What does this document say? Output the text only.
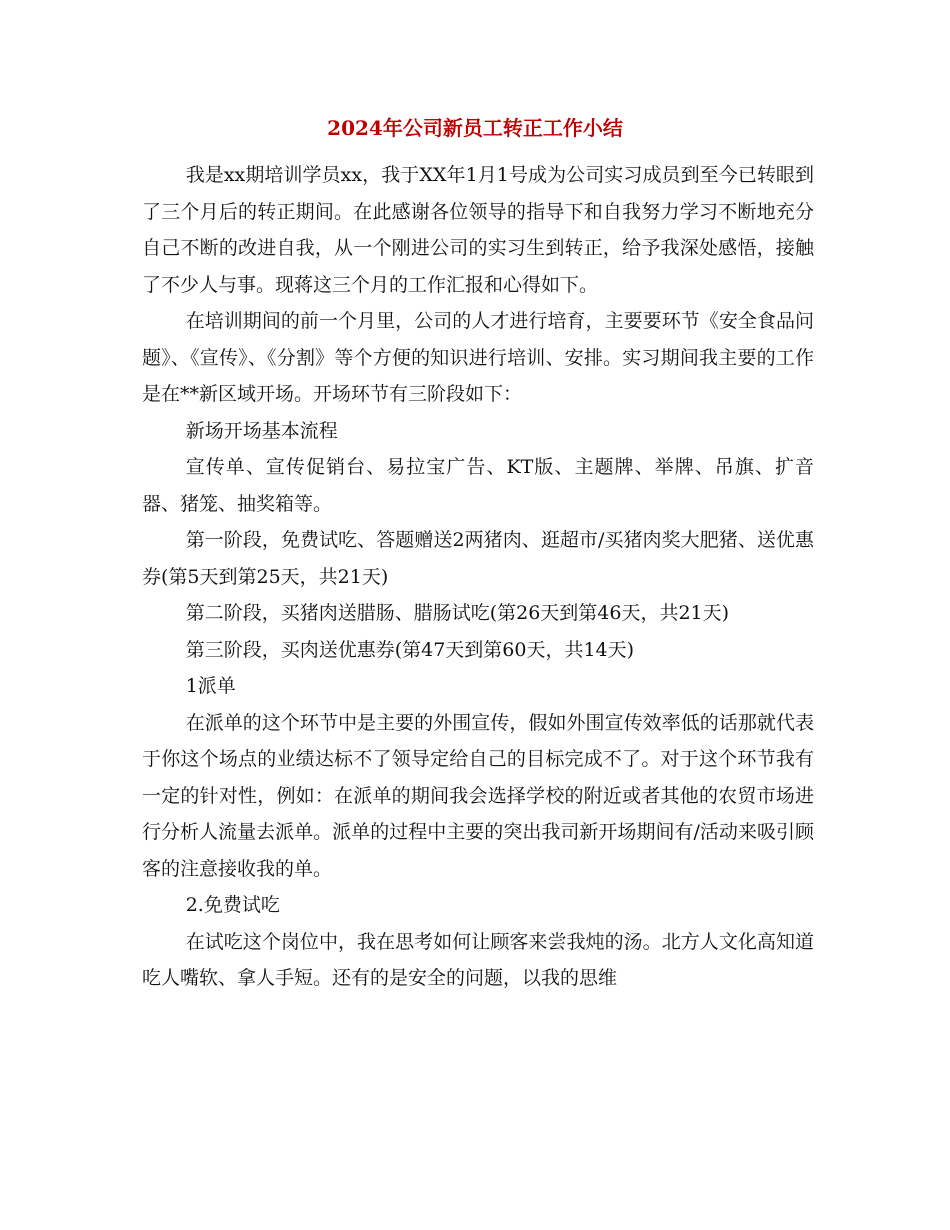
2024年公司新员工转正工作小结

我是xx期培训学员xx，我于XX年1月1号成为公司实习成员到至今已转眼到了三个月后的转正期间。在此感谢各位领导的指导下和自我努力学习不断地充分自己不断的改进自我，从一个刚进公司的实习生到转正，给予我深处感悟，接触了不少人与事。现蒋这三个月的工作汇报和心得如下。

在培训期间的前一个月里，公司的人才进行培育，主要要环节《安全食品问题》、《宣传》、《分割》等个方便的知识进行培训、安排。实习期间我主要的工作是在**新区域开场。开场环节有三阶段如下：

新场开场基本流程

宣传单、宣传促销台、易拉宝广告、KT版、主题牌、举牌、吊旗、扩音器、猪笼、抽奖箱等。

第一阶段，免费试吃、答题赠送2两猪肉、逛超市/买猪肉奖大肥猪、送优惠券(第5天到第25天，共21天)

第二阶段，买猪肉送腊肠、腊肠试吃(第26天到第46天，共21天)

第三阶段，买肉送优惠券(第47天到第60天，共14天)

1派单

在派单的这个环节中是主要的外围宣传，假如外围宣传效率低的话那就代表于你这个场点的业绩达标不了领导定给自己的目标完成不了。对于这个环节我有一定的针对性，例如：在派单的期间我会选择学校的附近或者其他的农贸市场进行分析人流量去派单。派单的过程中主要的突出我司新开场期间有/活动来吸引顾客的注意接收我的单。

2.免费试吃

在试吃这个岗位中，我在思考如何让顾客来尝我炖的汤。北方人文化高知道吃人嘴软、拿人手短。还有的是安全的问题，以我的思维
